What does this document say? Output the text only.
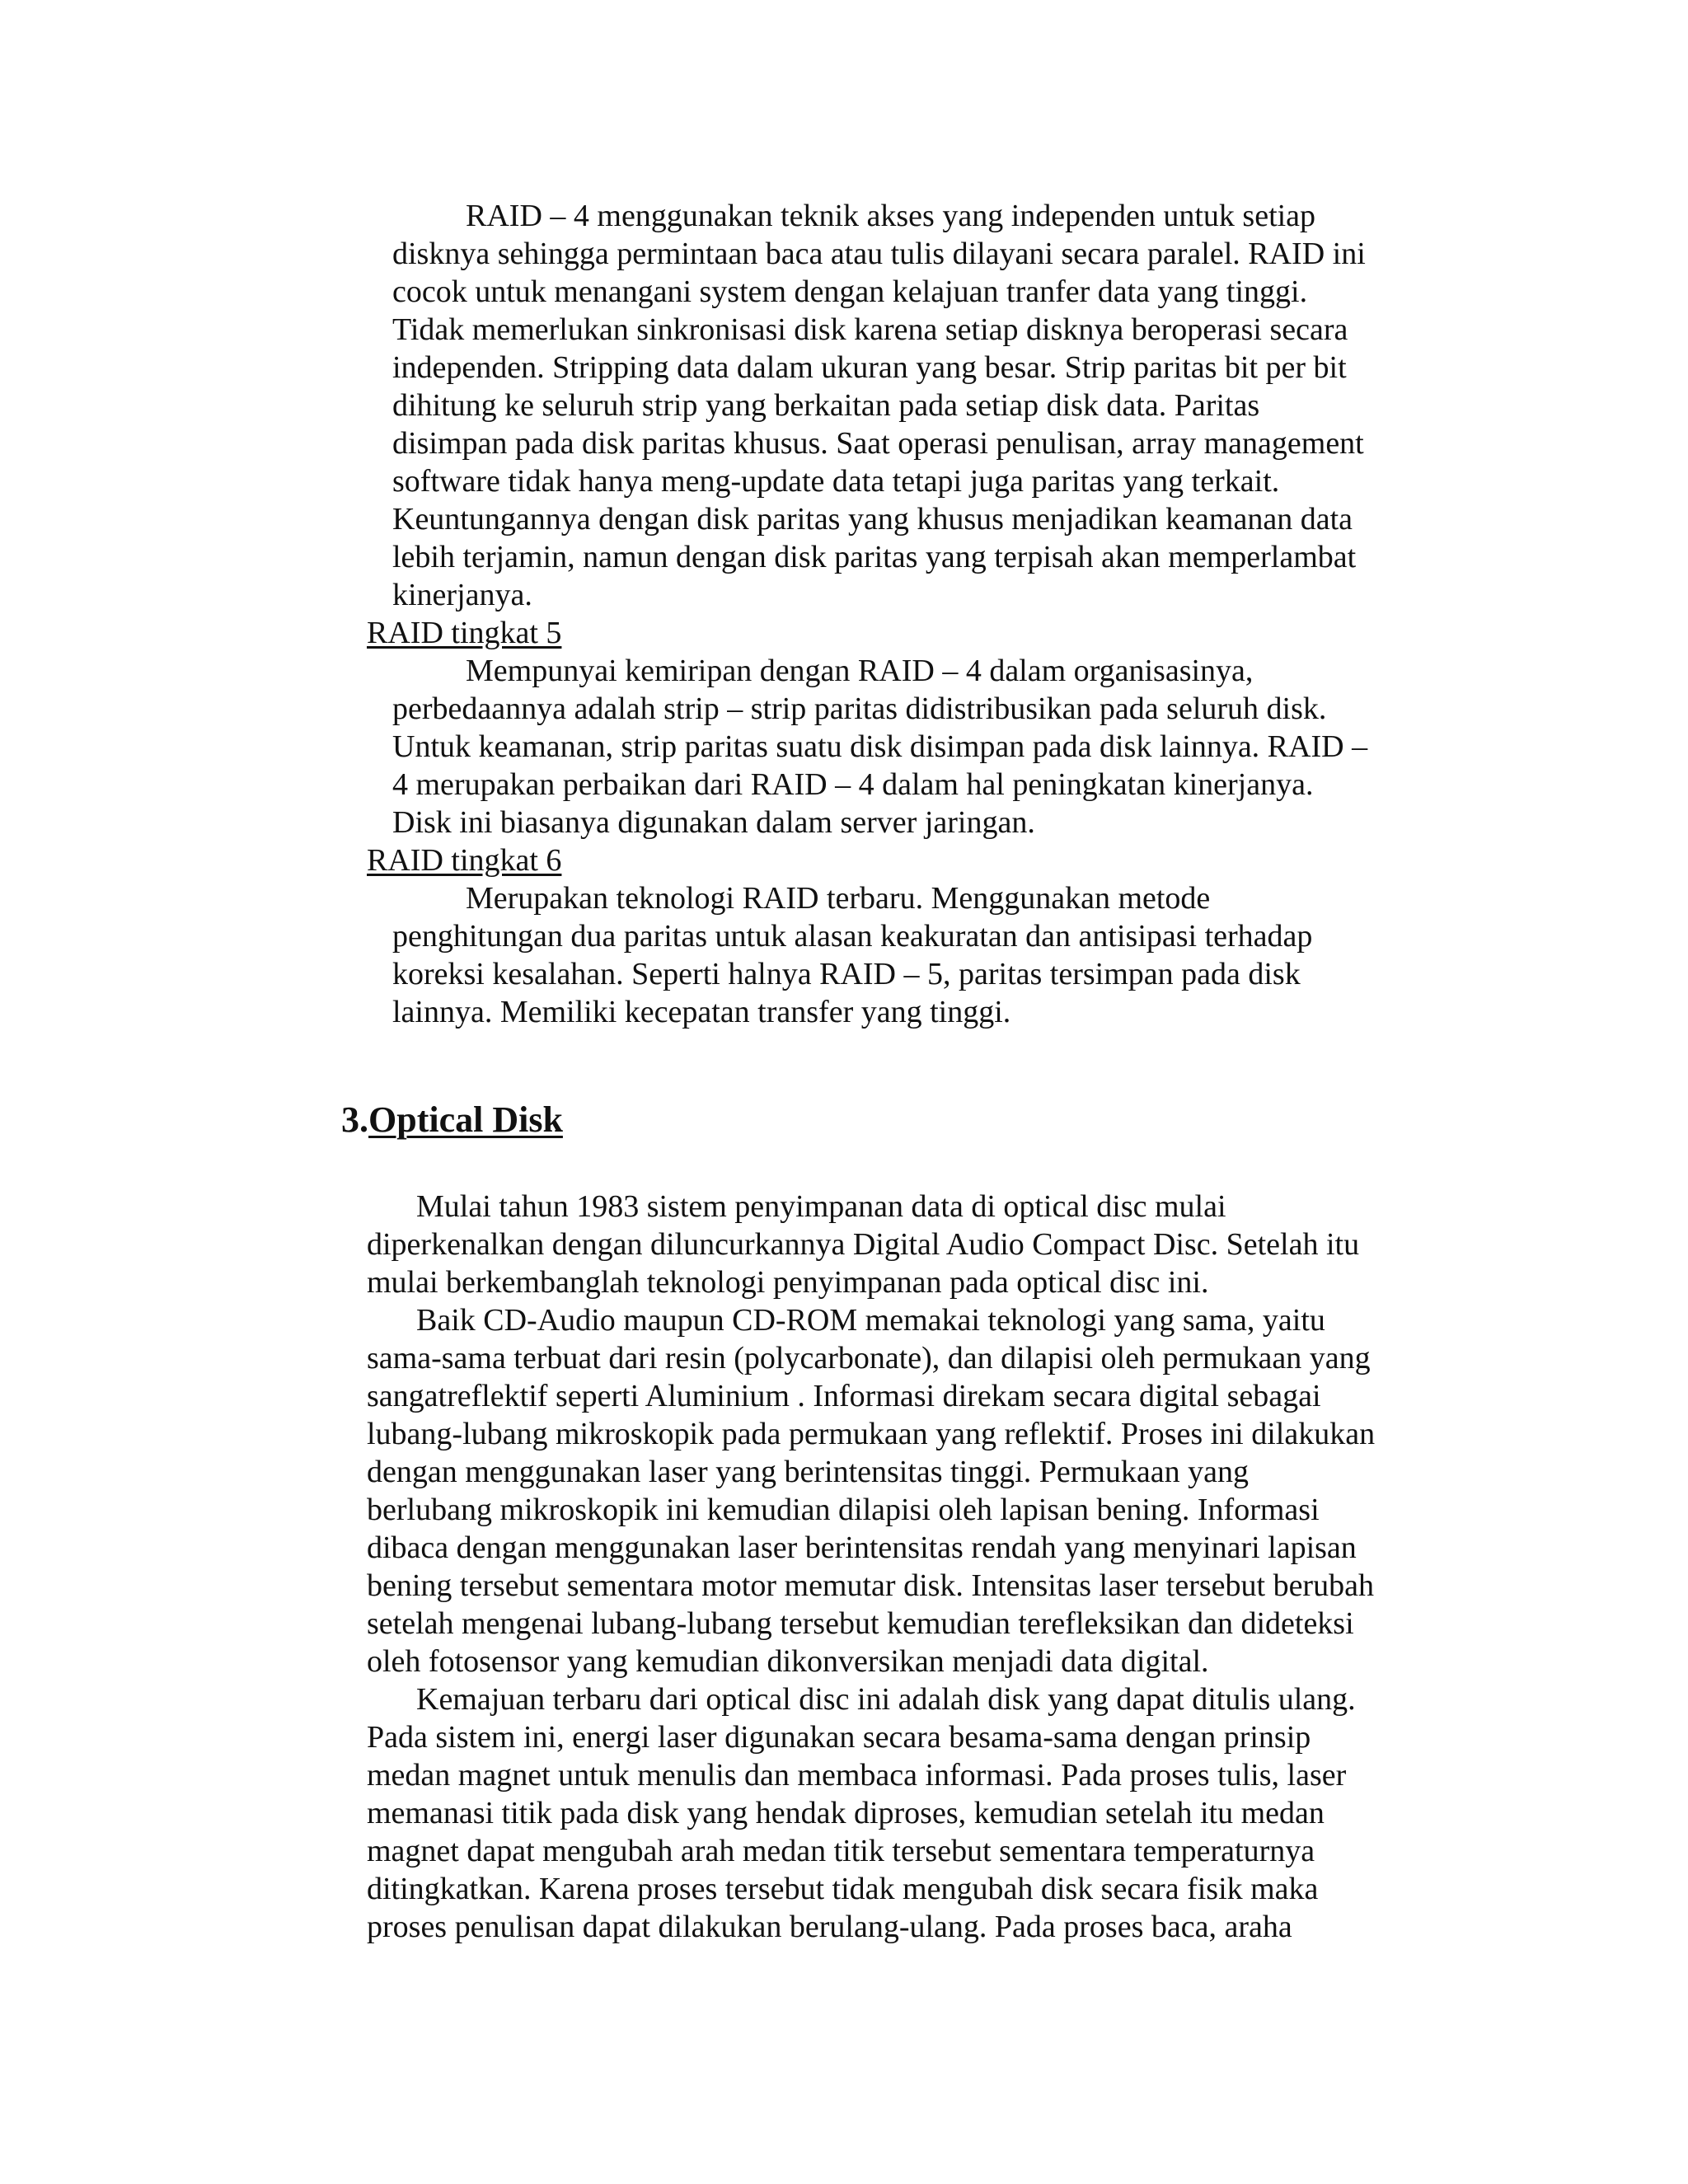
RAID – 4 menggunakan teknik akses yang independen untuk setiap
disknya sehingga permintaan baca atau tulis dilayani secara paralel. RAID ini
cocok untuk menangani system dengan kelajuan tranfer data yang tinggi.
Tidak memerlukan sinkronisasi disk karena setiap disknya beroperasi secara
independen. Stripping data dalam ukuran yang besar. Strip paritas bit per bit
dihitung ke seluruh strip yang berkaitan pada setiap disk data. Paritas
disimpan pada disk paritas khusus. Saat operasi penulisan, array management
software tidak hanya meng-update data tetapi juga paritas yang terkait.
Keuntungannya dengan disk paritas yang khusus menjadikan keamanan data
lebih terjamin, namun dengan disk paritas yang terpisah akan memperlambat
kinerjanya.
RAID tingkat 5
Mempunyai kemiripan dengan RAID – 4 dalam organisasinya,
perbedaannya adalah strip – strip paritas didistribusikan pada seluruh disk.
Untuk keamanan, strip paritas suatu disk disimpan pada disk lainnya. RAID –
4 merupakan perbaikan dari RAID – 4 dalam hal peningkatan kinerjanya.
Disk ini biasanya digunakan dalam server jaringan.
RAID tingkat 6
Merupakan teknologi RAID terbaru. Menggunakan metode
penghitungan dua paritas untuk alasan keakuratan dan antisipasi terhadap
koreksi kesalahan. Seperti halnya RAID – 5, paritas tersimpan pada disk
lainnya. Memiliki kecepatan transfer yang tinggi.
3.Optical Disk
Mulai tahun 1983 sistem penyimpanan data di optical disc mulai
diperkenalkan dengan diluncurkannya Digital Audio Compact Disc. Setelah itu
mulai berkembanglah teknologi penyimpanan pada optical disc ini.
Baik CD-Audio maupun CD-ROM memakai teknologi yang sama, yaitu
sama-sama terbuat dari resin (polycarbonate), dan dilapisi oleh permukaan yang
sangatreflektif seperti Aluminium . Informasi direkam secara digital sebagai
lubang-lubang mikroskopik pada permukaan yang reflektif. Proses ini dilakukan
dengan menggunakan laser yang berintensitas tinggi. Permukaan yang
berlubang mikroskopik ini kemudian dilapisi oleh lapisan bening. Informasi
dibaca dengan menggunakan laser berintensitas rendah yang menyinari lapisan
bening tersebut sementara motor memutar disk. Intensitas laser tersebut berubah
setelah mengenai lubang-lubang tersebut kemudian terefleksikan dan dideteksi
oleh fotosensor yang kemudian dikonversikan menjadi data digital.
Kemajuan terbaru dari optical disc ini adalah disk yang dapat ditulis ulang.
Pada sistem ini, energi laser digunakan secara besama-sama dengan prinsip
medan magnet untuk menulis dan membaca informasi. Pada proses tulis, laser
memanasi titik pada disk yang hendak diproses, kemudian setelah itu medan
magnet dapat mengubah arah medan titik tersebut sementara temperaturnya
ditingkatkan. Karena proses tersebut tidak mengubah disk secara fisik maka
proses penulisan dapat dilakukan berulang-ulang. Pada proses baca, araha
